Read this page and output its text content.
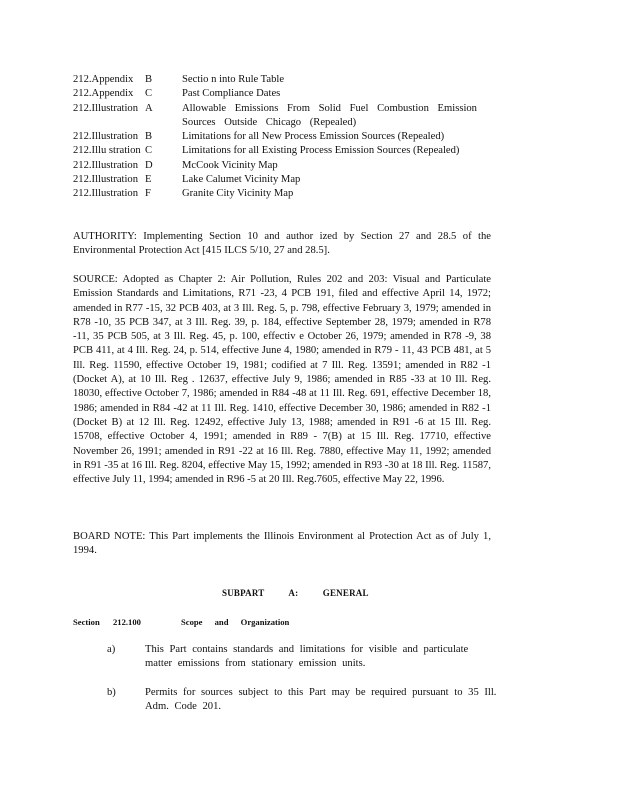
212.Appendix B	Sectio n into Rule Table
212.Appendix C	Past Compliance Dates
212.Illustration A	Allowable Emissions From Solid Fuel Combustion Emission Sources Outside Chicago (Repealed)
212.Illustration B	Limitations for all New Process Emission Sources (Repealed)
212.Illu stration C	Limitations for all Existing Process Emission Sources (Repealed)
212.Illustration D	McCook Vicinity Map
212.Illustration E	Lake Calumet Vicinity Map
212.Illustration F	Granite City Vicinity Map
AUTHORITY: Implementing Section 10 and author ized by Section 27 and 28.5 of the Environmental Protection Act [415 ILCS 5/10, 27 and 28.5].
SOURCE: Adopted as Chapter 2: Air Pollution, Rules 202 and 203: Visual and Particulate Emission Standards and Limitations, R71 -23, 4 PCB 191, filed and effective April 14, 1972; amended in R77 -15, 32 PCB 403, at 3 Ill. Reg. 5, p. 798, effective February 3, 1979; amended in R78 -10, 35 PCB 347, at 3 Ill. Reg. 39, p. 184, effective September 28, 1979; amended in R78 -11, 35 PCB 505, at 3 Ill. Reg. 45, p. 100, effectiv e October 26, 1979; amended in R78 -9, 38 PCB 411, at 4 Ill. Reg. 24, p. 514, effective June 4, 1980; amended in R79 - 11, 43 PCB 481, at 5 Ill. Reg. 11590, effective October 19, 1981; codified at 7 Ill. Reg. 13591; amended in R82 -1 (Docket A), at 10 Ill. Reg . 12637, effective July 9, 1986; amended in R85 -33 at 10 Ill. Reg. 18030, effective October 7, 1986; amended in R84 -48 at 11 Ill. Reg. 691, effective December 18, 1986; amended in R84 -42 at 11 Ill. Reg. 1410, effective December 30, 1986; amended in R82 -1 (Docket B) at 12 Ill. Reg. 12492, effective July 13, 1988; amended in R91 -6 at 15 Ill. Reg. 15708, effective October 4, 1991; amended in R89 - 7(B) at 15 Ill. Reg. 17710, effective November 26, 1991; amended in R91 -22 at 16 Ill. Reg. 7880, effective May 11, 1992; amended in R91 -35 at 16 Ill. Reg. 8204, effective May 15, 1992; amended in R93 -30 at 18 Ill. Reg. 11587, effective July 11, 1994; amended in R96 -5 at 20 Ill. Reg.7605, effective May 22, 1996.
BOARD NOTE: This Part implements the Illinois Environment al Protection Act as of July 1, 1994.
SUBPART	A:	GENERAL
Section 212.100	Scope and Organization
a)	This Part contains standards and limitations for visible and particulate matter emissions from stationary emission units.
b)	Permits for sources subject to this Part may be required pursuant to 35 Ill. Adm. Code 201.
